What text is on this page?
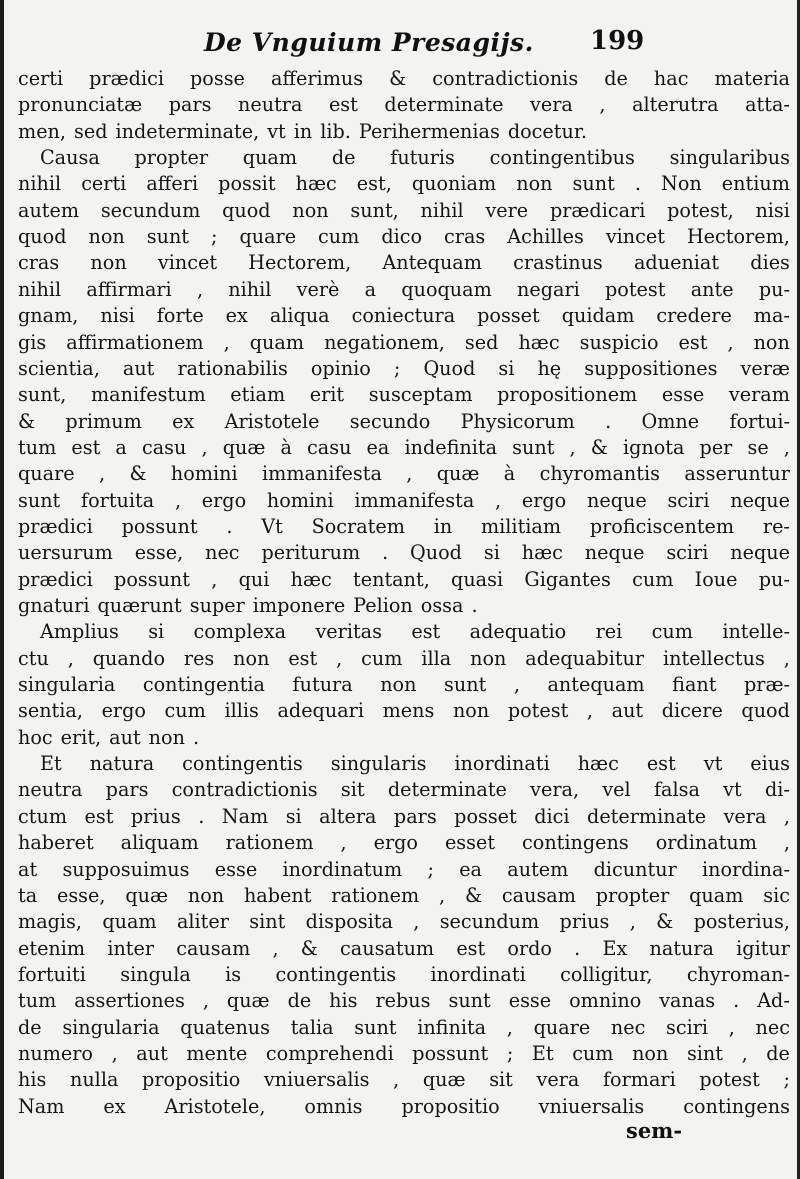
De Vnguium Presagijs. 199
certi prædici posse afferimus & contradictionis de hac materia
pronunciatæ pars neutra est determinate vera , alterutra atta-
men, sed indeterminate, vt in lib. Perihermenias docetur.
Causa propter quam de futuris contingentibus singularibus
nihil certi afferi possit hæc est, quoniam non sunt . Non entium
autem secundum quod non sunt, nihil vere prædicari potest, nisi
quod non sunt ; quare cum dico cras Achilles vincet Hectorem,
cras non vincet Hectorem, Antequam crastinus adueniat dies
nihil affirmari , nihil verè a quoquam negari potest ante pu-
gnam, nisi forte ex aliqua coniectura posset quidam credere ma-
gis affirmationem , quam negationem, sed hæc suspicio est , non
scientia, aut rationabilis opinio ; Quod si hę suppositiones veræ
sunt, manifestum etiam erit susceptam propositionem esse veram
& primum ex Aristotele secundo Physicorum . Omne fortui-
tum est a casu , quæ à casu ea indefinita sunt , & ignota per se ,
quare , & homini immanifesta , quæ à chyromantis asseruntur
sunt fortuita , ergo homini immanifesta , ergo neque sciri neque
prædici possunt . Vt Socratem in militiam proficiscentem re-
uersurum esse, nec periturum . Quod si hæc neque sciri neque
prædici possunt , qui hæc tentant, quasi Gigantes cum Ioue pu-
gnaturi quærunt super imponere Pelion ossa .
Amplius si complexa veritas est adequatio rei cum intelle-
ctu , quando res non est , cum illa non adequabitur intellectus ,
singularia contingentia futura non sunt , antequam fiant præ-
sentia, ergo cum illis adequari mens non potest , aut dicere quod
hoc erit, aut non .
Et natura contingentis singularis inordinati hæc est vt eius
neutra pars contradictionis sit determinate vera, vel falsa vt di-
ctum est prius . Nam si altera pars posset dici determinate vera ,
haberet aliquam rationem , ergo esset contingens ordinatum ,
at supposuimus esse inordinatum ; ea autem dicuntur inordina-
ta esse, quæ non habent rationem , & causam propter quam sic
magis, quam aliter sint disposita , secundum prius , & posterius,
etenim inter causam , & causatum est ordo . Ex natura igitur
fortuiti singula is contingentis inordinati colligitur, chyroman-
tum assertiones , quæ de his rebus sunt esse omnino vanas . Ad-
de singularia quatenus talia sunt infinita , quare nec sciri , nec
numero , aut mente comprehendi possunt ; Et cum non sint , de
his nulla propositio vniuersalis , quæ sit vera formari potest ;
Nam ex Aristotele, omnis propositio vniuersalis contingens
sem-
